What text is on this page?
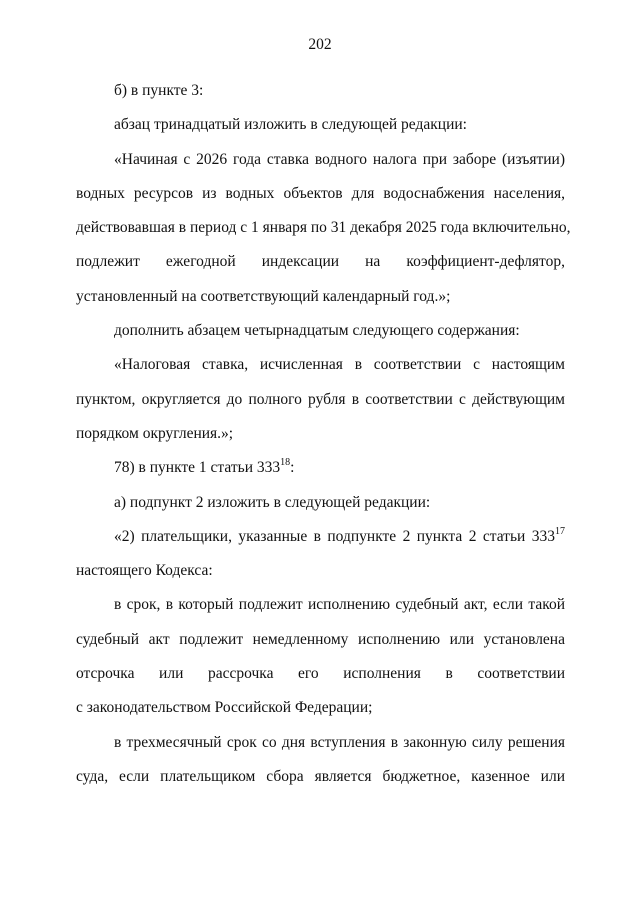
202
б) в пункте 3:
абзац тринадцатый изложить в следующей редакции:
«Начиная с 2026 года ставка водного налога при заборе (изъятии)
водных ресурсов из водных объектов для водоснабжения населения,
действовавшая в период с 1 января по 31 декабря 2025 года включительно,
подлежит ежегодной индексации на коэффициент-дефлятор,
установленный на соответствующий календарный год.»;
дополнить абзацем четырнадцатым следующего содержания:
«Налоговая ставка, исчисленная в соответствии с настоящим
пунктом, округляется до полного рубля в соответствии с действующим
порядком округления.»;
78) в пункте 1 статьи $333^{18}$:
а) подпункт 2 изложить в следующей редакции:
«2) плательщики, указанные в подпункте 2 пункта 2 статьи $333^{17}$
настоящего Кодекса:
в срок, в который подлежит исполнению судебный акт, если такой
судебный акт подлежит немедленному исполнению или установлена
отсрочка или рассрочка его исполнения в соответствии
с законодательством Российской Федерации;
в трехмесячный срок со дня вступления в законную силу решения
суда, если плательщиком сбора является бюджетное, казенное или
